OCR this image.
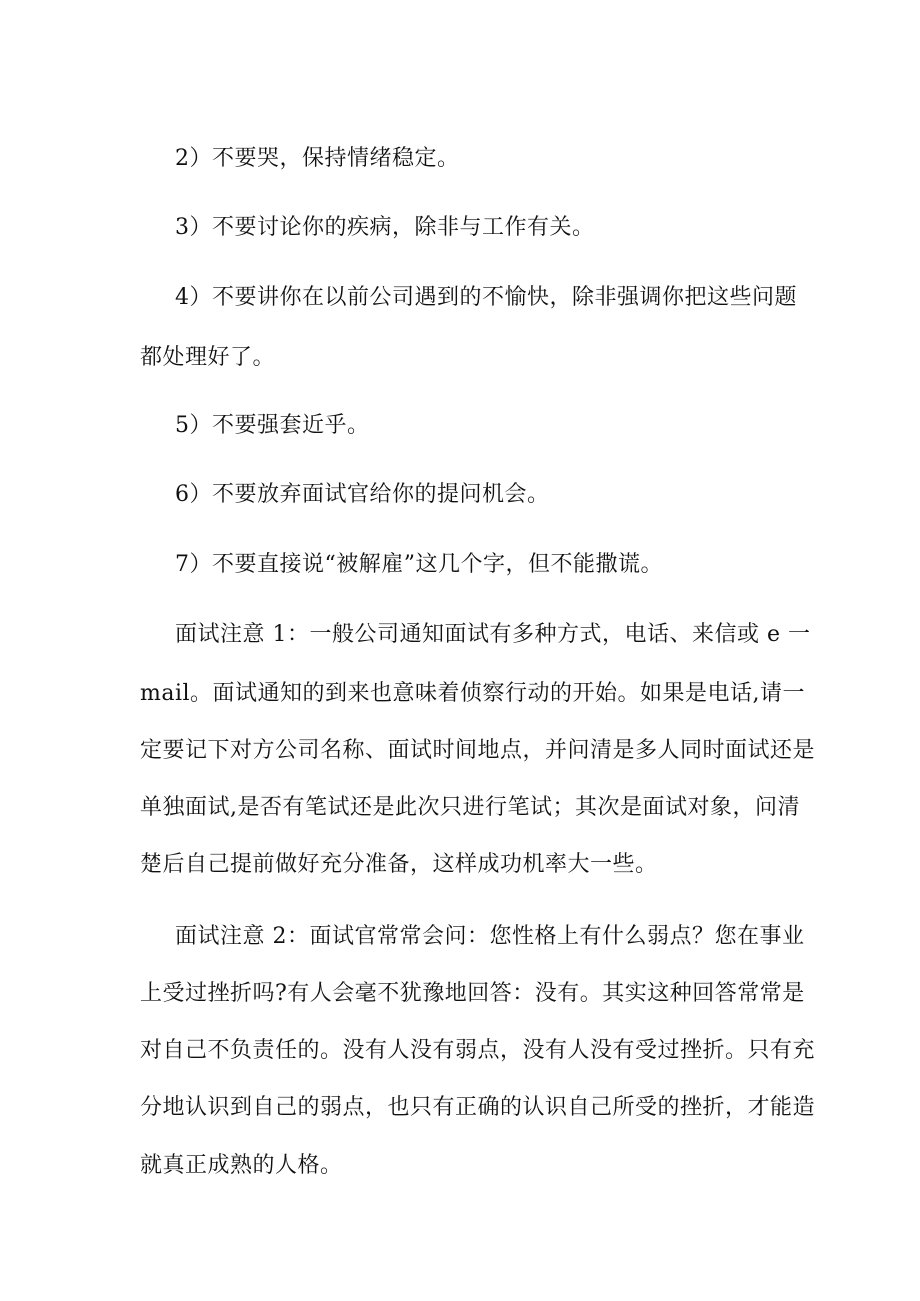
2）不要哭，保持情绪稳定。
3）不要讨论你的疾病，除非与工作有关。
4）不要讲你在以前公司遇到的不愉快，除非强调你把这些问题
都处理好了。
5）不要强套近乎。
6）不要放弃面试官给你的提问机会。
7）不要直接说“被解雇”这几个字，但不能撒谎。
面试注意 1：一般公司通知面试有多种方式，电话、来信或 e 一
mail。面试通知的到来也意味着侦察行动的开始。如果是电话,请一
定要记下对方公司名称、面试时间地点，并问清是多人同时面试还是
单独面试,是否有笔试还是此次只进行笔试；其次是面试对象，问清
楚后自己提前做好充分准备，这样成功机率大一些。
面试注意 2：面试官常常会问：您性格上有什么弱点？您在事业
上受过挫折吗?有人会毫不犹豫地回答：没有。其实这种回答常常是
对自己不负责任的。没有人没有弱点，没有人没有受过挫折。只有充
分地认识到自己的弱点，也只有正确的认识自己所受的挫折，才能造
就真正成熟的人格。
